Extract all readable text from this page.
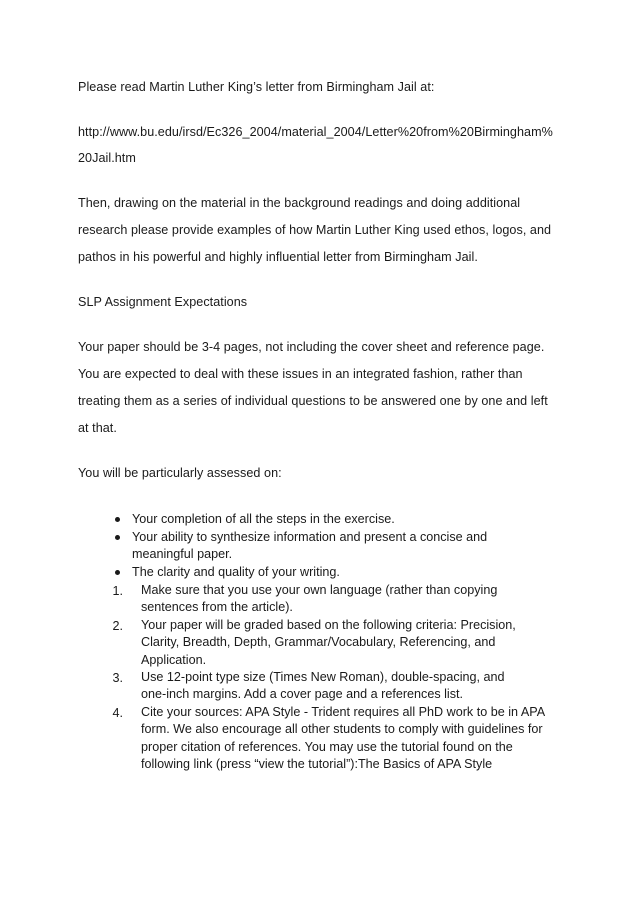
Please read Martin Luther King’s letter from Birmingham Jail at:
http://www.bu.edu/irsd/Ec326_2004/material_2004/Letter%20from%20Birmingham%
20Jail.htm
Then, drawing on the material in the background readings and doing additional
research please provide examples of how Martin Luther King used ethos, logos, and
pathos in his powerful and highly influential letter from Birmingham Jail.
SLP Assignment Expectations
Your paper should be 3-4 pages, not including the cover sheet and reference page.
You are expected to deal with these issues in an integrated fashion, rather than
treating them as a series of individual questions to be answered one by one and left
at that.
You will be particularly assessed on:
Your completion of all the steps in the exercise.
Your ability to synthesize information and present a concise and
meaningful paper.
The clarity and quality of your writing.
1. Make sure that you use your own language (rather than copying
sentences from the article).
2. Your paper will be graded based on the following criteria: Precision,
Clarity, Breadth, Depth, Grammar/Vocabulary, Referencing, and
Application.
3. Use 12-point type size (Times New Roman), double-spacing, and
one-inch margins. Add a cover page and a references list.
4. Cite your sources: APA Style - Trident requires all PhD work to be in APA
form. We also encourage all other students to comply with guidelines for
proper citation of references. You may use the tutorial found on the
following link (press “view the tutorial”):The Basics of APA Style
